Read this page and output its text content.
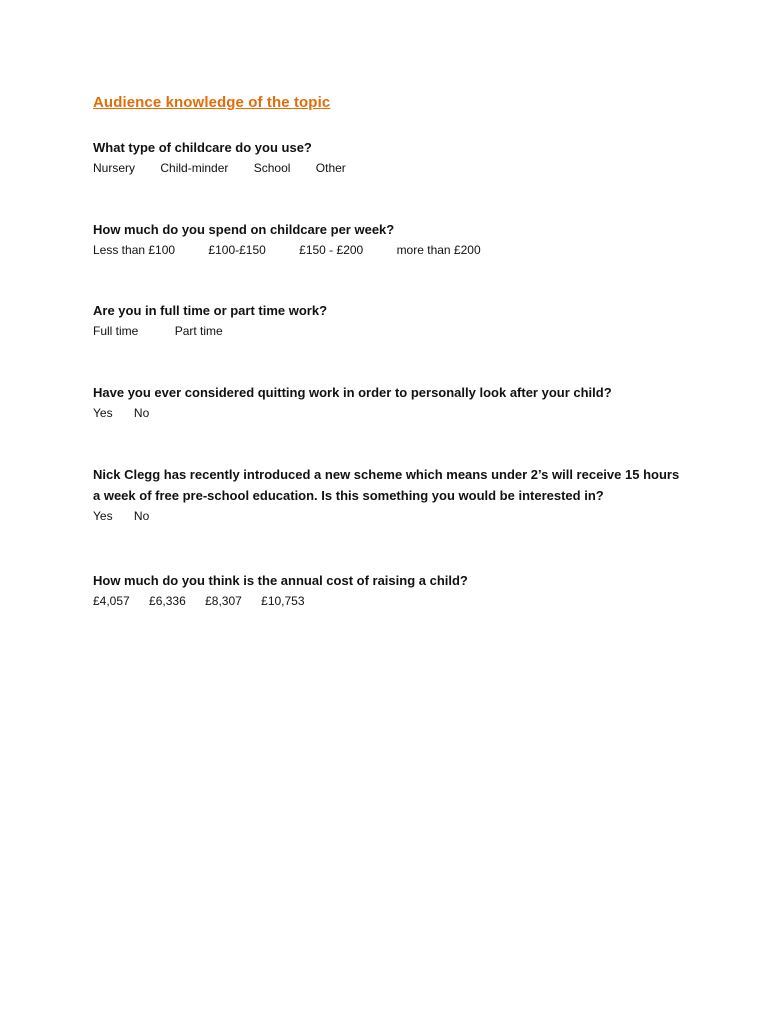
Audience knowledge of the topic
What type of childcare do you use?
Nursery Child-minder School Other
How much do you spend on childcare per week?
Less than £100	£100-£150	£150 - £200	more than £200
Are you in full time or part time work?
Full time	Part time
Have you ever considered quitting work in order to personally look after your child?
Yes No
Nick Clegg has recently introduced a new scheme which means under 2’s will receive 15 hours a week of free pre-school education. Is this something you would be interested in?
Yes No
How much do you think is the annual cost of raising a child?
£4,057 £6,336 £8,307 £10,753
